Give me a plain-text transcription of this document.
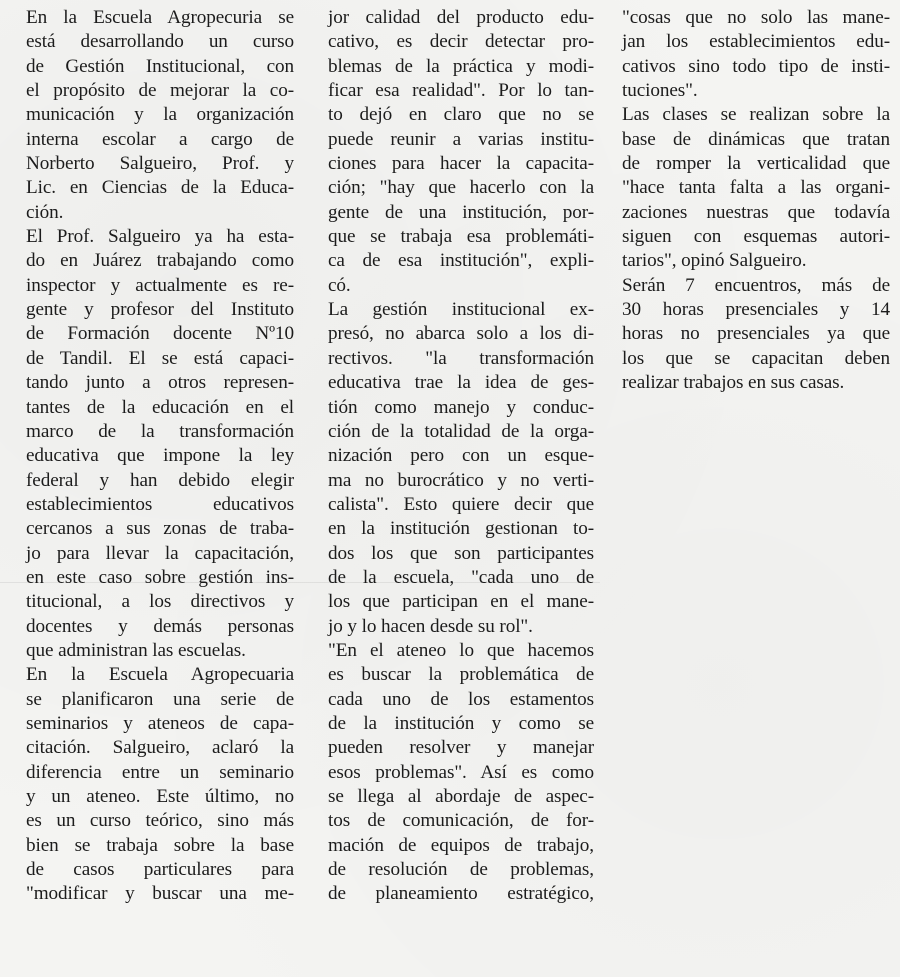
En la Escuela Agropecuria se
está desarrollando un curso
de Gestión Institucional, con
el propósito de mejorar la co-
municación y la organización
interna escolar a cargo de
Norberto Salgueiro, Prof. y
Lic. en Ciencias de la Educa-
ción.
El Prof. Salgueiro ya ha esta-
do en Juárez trabajando como
inspector y actualmente es re-
gente y profesor del Instituto
de Formación docente Nº10
de Tandil. El se está capaci-
tando junto a otros represen-
tantes de la educación en el
marco de la transformación
educativa que impone la ley
federal y han debido elegir
establecimientos educativos
cercanos a sus zonas de traba-
jo para llevar la capacitación,
en este caso sobre gestión ins-
titucional, a los directivos y
docentes y demás personas
que administran las escuelas.
En la Escuela Agropecuaria
se planificaron una serie de
seminarios y ateneos de capa-
citación. Salgueiro, aclaró la
diferencia entre un seminario
y un ateneo. Este último, no
es un curso teórico, sino más
bien se trabaja sobre la base
de casos particulares para
"modificar y buscar una me-
jor calidad del producto edu-
cativo, es decir detectar pro-
blemas de la práctica y modi-
ficar esa realidad". Por lo tan-
to dejó en claro que no se
puede reunir a varias institu-
ciones para hacer la capacita-
ción; "hay que hacerlo con la
gente de una institución, por-
que se trabaja esa problemáti-
ca de esa institución", expli-
có.
La gestión institucional ex-
presó, no abarca solo a los di-
rectivos. "la transformación
educativa trae la idea de ges-
tión como manejo y conduc-
ción de la totalidad de la orga-
nización pero con un esque-
ma no burocrático y no verti-
calista". Esto quiere decir que
en la institución gestionan to-
dos los que son participantes
de la escuela, "cada uno de
los que participan en el mane-
jo y lo hacen desde su rol".
"En el ateneo lo que hacemos
es buscar la problemática de
cada uno de los estamentos
de la institución y como se
pueden resolver y manejar
esos problemas". Así es como
se llega al abordaje de aspec-
tos de comunicación, de for-
mación de equipos de trabajo,
de resolución de problemas,
de planeamiento estratégico,
"cosas que no solo las mane-
jan los establecimientos edu-
cativos sino todo tipo de insti-
tuciones".
Las clases se realizan sobre la
base de dinámicas que tratan
de romper la verticalidad que
"hace tanta falta a las organi-
zaciones nuestras que todavía
siguen con esquemas autori-
tarios", opinó Salgueiro.
Serán 7 encuentros, más de
30 horas presenciales y 14
horas no presenciales ya que
los que se capacitan deben
realizar trabajos en sus casas.
